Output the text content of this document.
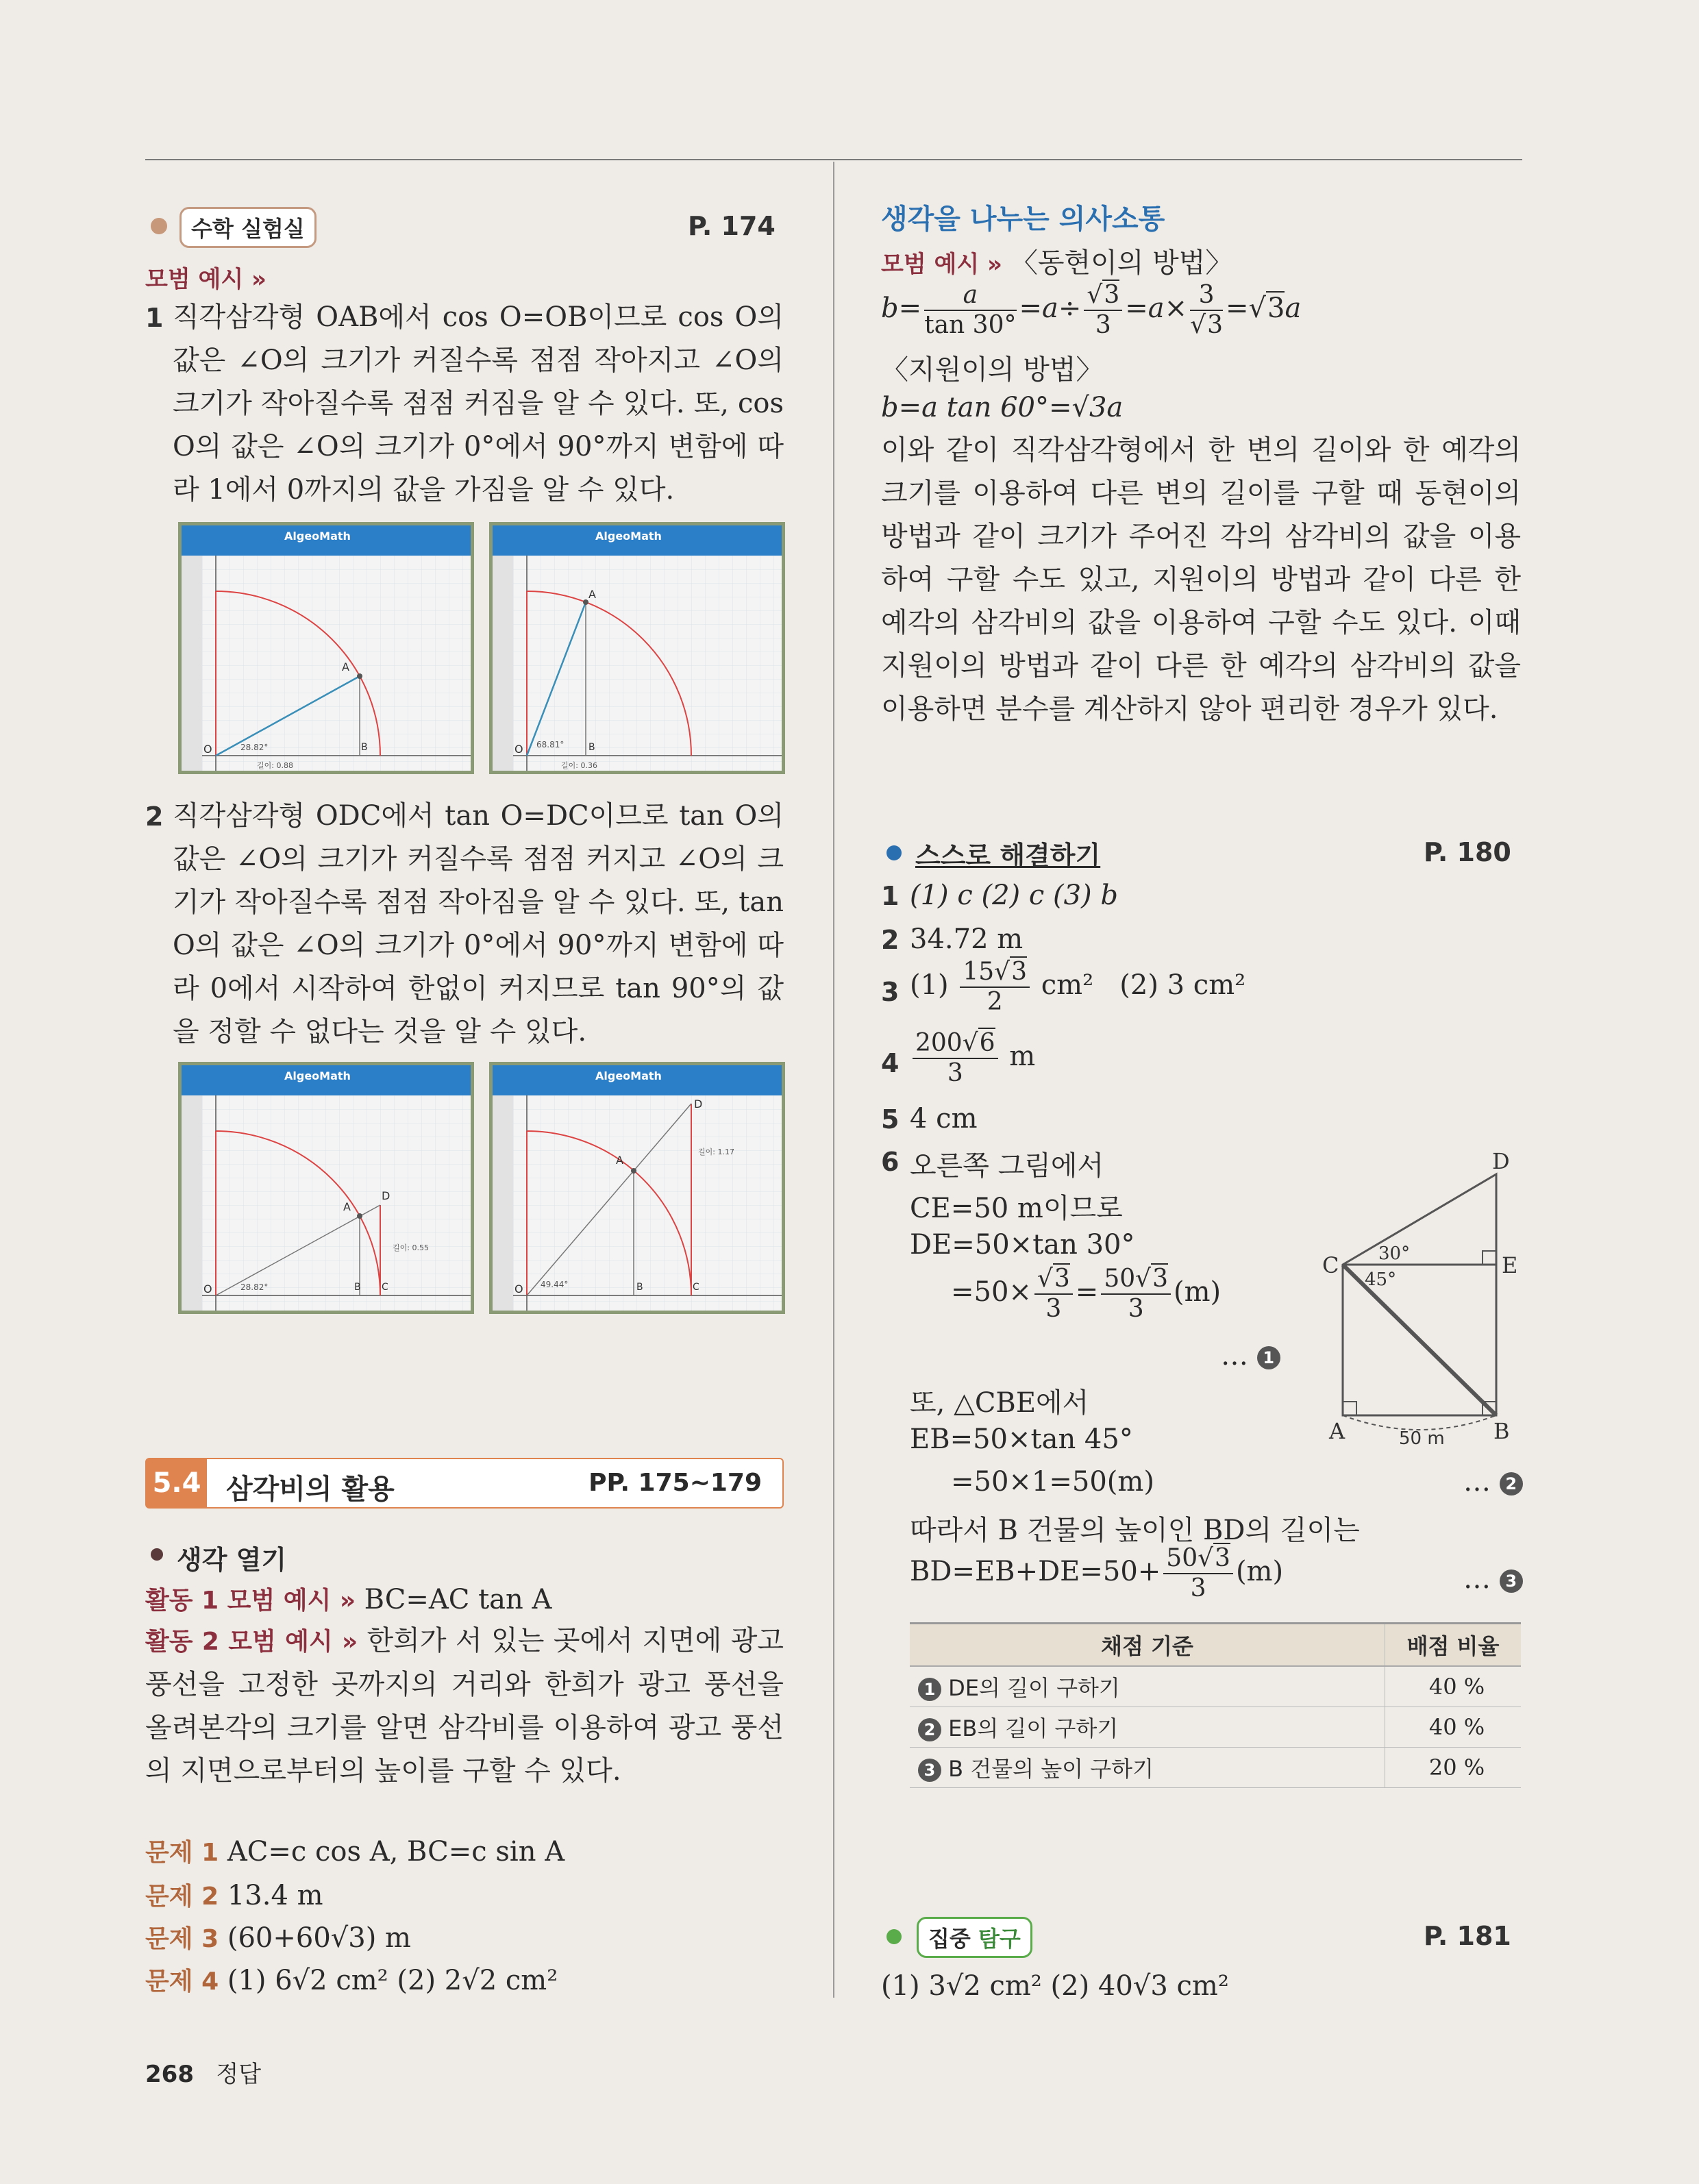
수학 실험실	P. 174
모범 예시 »
1 직각삼각형 OAB에서 cos O=OB이므로 cos O의 값은 ∠O의 크기가 커질수록 점점 작아지고 ∠O의 크기가 작아질수록 점점 커짐을 알 수 있다. 또, cos O의 값은 ∠O의 크기가 0°에서 90°까지 변함에 따라 1에서 0까지의 값을 가짐을 알 수 있다.
AlgeoMath
A
O	B
28.82°
길이: 0.88
AlgeoMath
A
O	B
68.81°
길이: 0.36
2 직각삼각형 ODC에서 tan O=DC이므로 tan O의 값은 ∠O의 크기가 커질수록 점점 커지고 ∠O의 크기가 작아질수록 점점 작아짐을 알 수 있다. 또, tan O의 값은 ∠O의 크기가 0°에서 90°까지 변함에 따라 0에서 시작하여 한없이 커지므로 tan 90°의 값을 정할 수 없다는 것을 알 수 있다.
AlgeoMath
A
D
O	B C
28.82°
길이: 0.55
AlgeoMath
A
D
O	B	C
49.44°
길이: 1.17
5.4 삼각비의 활용	PP. 175~179
생각 열기
활동 1 모범 예시 » BC=AC tan A
활동 2 모범 예시 » 한희가 서 있는 곳에서 지면에 광고 풍선을 고정한 곳까지의 거리와 한희가 광고 풍선을 올려본각의 크기를 알면 삼각비를 이용하여 광고 풍선의 지면으로부터의 높이를 구할 수 있다.
문제 1 AC=c cos A, BC=c sin A
문제 2 13.4 m
문제 3 (60+60√3) m
문제 4 (1) 6√2 cm² (2) 2√2 cm²
생각을 나누는 의사소통
모범 예시 » 〈동현이의 방법〉
$b= \frac{a}{\tan 30^\circ} =a\div \frac{√3}{3} =a\times \frac{3}{√3} =√3a$
〈지원이의 방법〉
b=a tan 60°=√3a
이와 같이 직각삼각형에서 한 변의 길이와 한 예각의 크기를 이용하여 다른 변의 길이를 구할 때 동현이의 방법과 같이 크기가 주어진 각의 삼각비의 값을 이용하여 구할 수도 있고, 지원이의 방법과 같이 다른 한 예각의 삼각비의 값을 이용하여 구할 수도 있다. 이때 지원이의 방법과 같이 다른 한 예각의 삼각비의 값을 이용하면 분수를 계산하지 않아 편리한 경우가 있다.
스스로 해결하기	P. 180
1 (1) c (2) c (3) b
2 34.72 m
3 $(1) \frac{15√3}{2} cm^2$   (2) 3 cm²
$4 \frac{200√6}{3}$ m
5 4 cm
6 오른쪽 그림에서
CE=50 m이므로
DE=50×tan 30°
$=50\times \frac{√3}{3} = \frac{50√3}{3} (m)$
… 1
또, △CBE에서
EB=50×tan 45°
=50×1=50(m)	… 2
따라서 B 건물의 높이인 BD의 길이는
$BD=EB+DE=50+ \frac{50√3}{3} (m)$	… 3
D
C	E
A	B
30°
45°
50 m
채점 기준	배점 비율
1 DE의 길이 구하기	40 %
2 EB의 길이 구하기	40 %
3 B 건물의 높이 구하기	20 %
집중 탐구	P. 181
(1) 3√2 cm² (2) 40√3 cm²
268 정답
